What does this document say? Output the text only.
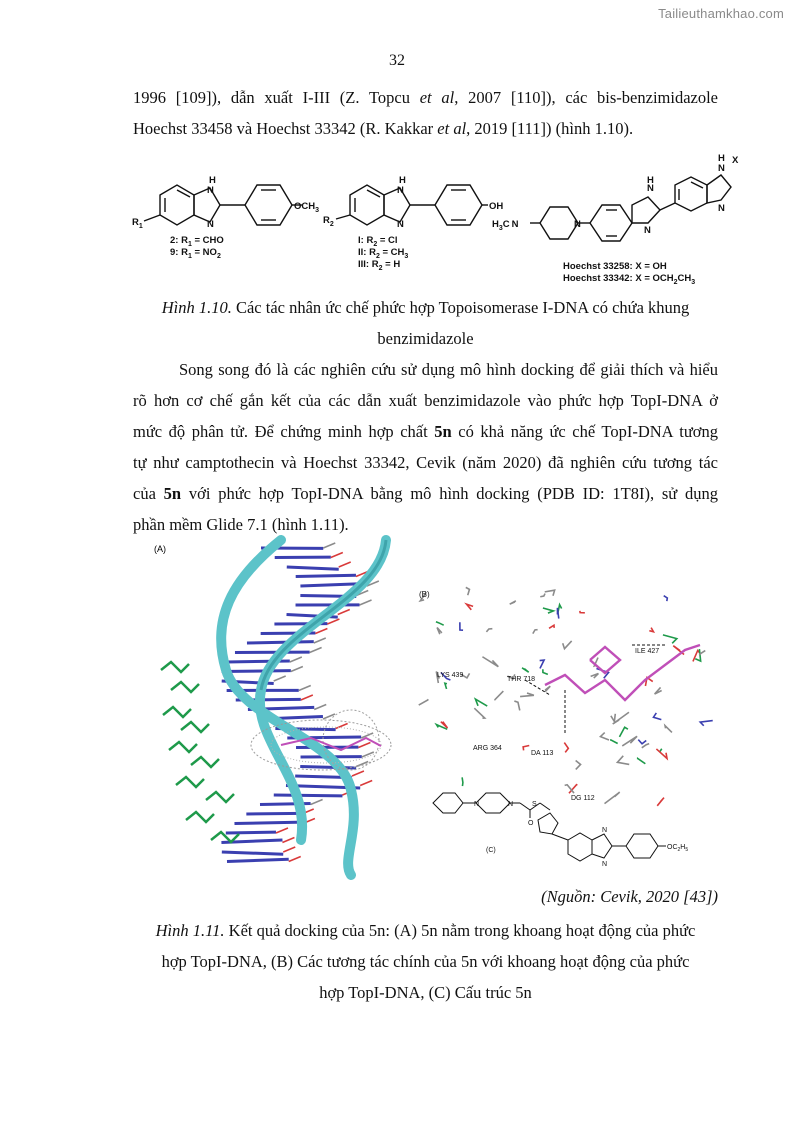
Tailieuthamkhao.com
32
1996 [109]), dẫn xuất I-III (Z. Topcu et al, 2007 [110]), các bis-benzimidazole
Hoechst 33458 và Hoechst 33342 (R. Kakkar et al, 2019 [111]) (hình 1.10).
H
N
N
$OCH_3$
$R_1$
2: $R_1$ = CHO
9: $R_1 = NO_2$
H
N
N
OH
$R_2$
I: $R_2 = Cl$
II: $R_2 = CH_3$
III: $R_2 = H$
$H_3C$ N	N
N
H
N
N
H
N
X
Hoechst 33258: X = OH
Hoechst 33342: $X = OCH_2CH_3$
Hình 1.10. Các tác nhân ức chế phức hợp Topoisomerase I-DNA có chứa khung
benzimidazole
Song song đó là các nghiên cứu sử dụng mô hình docking để giải thích và hiểu
rõ hơn cơ chế gắn kết của các dẫn xuất benzimidazole vào phức hợp TopI-DNA ở
mức độ phân tử. Để chứng minh hợp chất 5n có khả năng ức chế TopI-DNA tương
tự như camptothecin và Hoechst 33342, Cevik (năm 2020) đã nghiên cứu tương tác
của 5n với phức hợp TopI-DNA bằng mô hình docking (PDB ID: 1T8I), sử dụng
phần mềm Glide 7.1 (hình 1.11).
(A)
(B)
ILE 427
LYS 439
THR 718
ARG 364
DA 113
DG 112
S
O
N
N
N
N
(C)	$OC_2H_5$
(Nguồn: Cevik, 2020 [43])
Hình 1.11. Kết quả docking của 5n: (A) 5n nằm trong khoang hoạt động của phức
hợp TopI-DNA, (B) Các tương tác chính của 5n với khoang hoạt động của phức
hợp TopI-DNA, (C) Cấu trúc 5n
